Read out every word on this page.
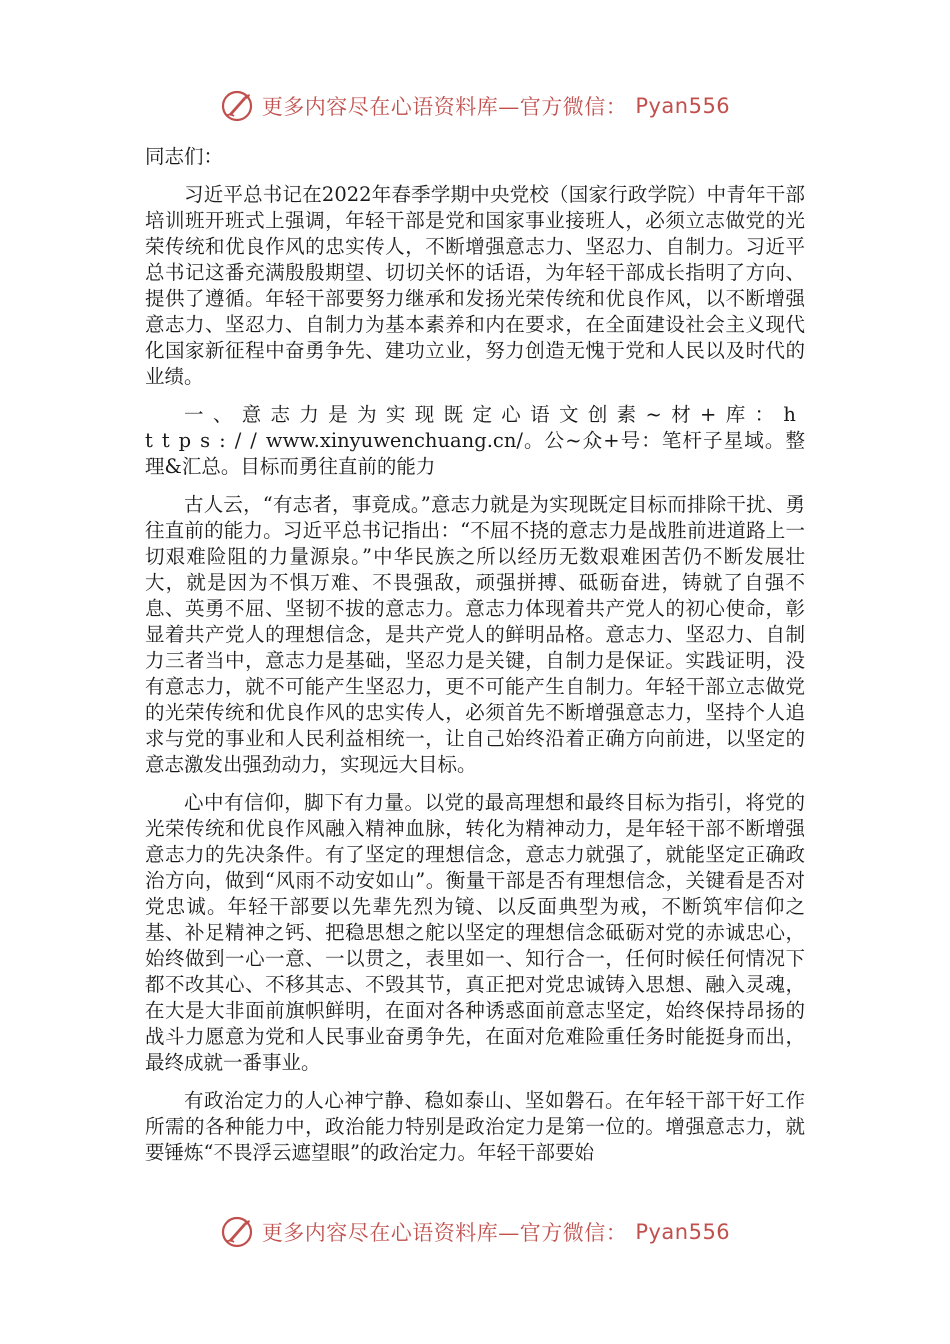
更多内容尽在心语资料库—官方微信： Pyan556
同志们：

习近平总书记在2022年春季学期中央党校（国家行政学院）中青年干部培训班开班式上强调，年轻干部是党和国家事业接班人，必须立志做党的光荣传统和优良作风的忠实传人，不断增强意志力、坚忍力、自制力。习近平总书记这番充满殷殷期望、切切关怀的话语，为年轻干部成长指明了方向、提供了遵循。年轻干部要努力继承和发扬光荣传统和优良作风，以不断增强意志力、坚忍力、自制力为基本素养和内在要求，在全面建设社会主义现代化国家新征程中奋勇争先、建功立业，努力创造无愧于党和人民以及时代的业绩。

一、意志力是为实现既定心语文创素~材+库：https://www.xinyuwenchuang.cn/。公~众+号：笔杆子星域。整理&汇总。目标而勇往直前的能力

古人云，“有志者，事竟成。”意志力就是为实现既定目标而排除干扰、勇往直前的能力。习近平总书记指出：“不屈不挠的意志力是战胜前进道路上一切艰难险阻的力量源泉。”中华民族之所以经历无数艰难困苦仍不断发展壮大，就是因为不惧万难、不畏强敌，顽强拼搏、砥砺奋进，铸就了自强不息、英勇不屈、坚韧不拔的意志力。意志力体现着共产党人的初心使命，彰显着共产党人的理想信念，是共产党人的鲜明品格。意志力、坚忍力、自制力三者当中，意志力是基础，坚忍力是关键，自制力是保证。实践证明，没有意志力，就不可能产生坚忍力，更不可能产生自制力。年轻干部立志做党的光荣传统和优良作风的忠实传人，必须首先不断增强意志力，坚持个人追求与党的事业和人民利益相统一，让自己始终沿着正确方向前进，以坚定的意志激发出强劲动力，实现远大目标。

心中有信仰，脚下有力量。以党的最高理想和最终目标为指引，将党的光荣传统和优良作风融入精神血脉，转化为精神动力，是年轻干部不断增强意志力的先决条件。有了坚定的理想信念，意志力就强了，就能坚定正确政治方向，做到“风雨不动安如山”。衡量干部是否有理想信念，关键看是否对党忠诚。年轻干部要以先辈先烈为镜、以反面典型为戒，不断筑牢信仰之基、补足精神之钙、把稳思想之舵以坚定的理想信念砥砺对党的赤诚忠心，始终做到一心一意、一以贯之，表里如一、知行合一，任何时候任何情况下都不改其心、不移其志、不毁其节，真正把对党忠诚铸入思想、融入灵魂，在大是大非面前旗帜鲜明，在面对各种诱惑面前意志坚定，始终保持昂扬的战斗力愿意为党和人民事业奋勇争先，在面对危难险重任务时能挺身而出，最终成就一番事业。

有政治定力的人心神宁静、稳如泰山、坚如磐石。在年轻干部干好工作所需的各种能力中，政治能力特别是政治定力是第一位的。增强意志力，就要锤炼“不畏浮云遮望眼”的政治定力。年轻干部要始

更多内容尽在心语资料库—官方微信： Pyan556
